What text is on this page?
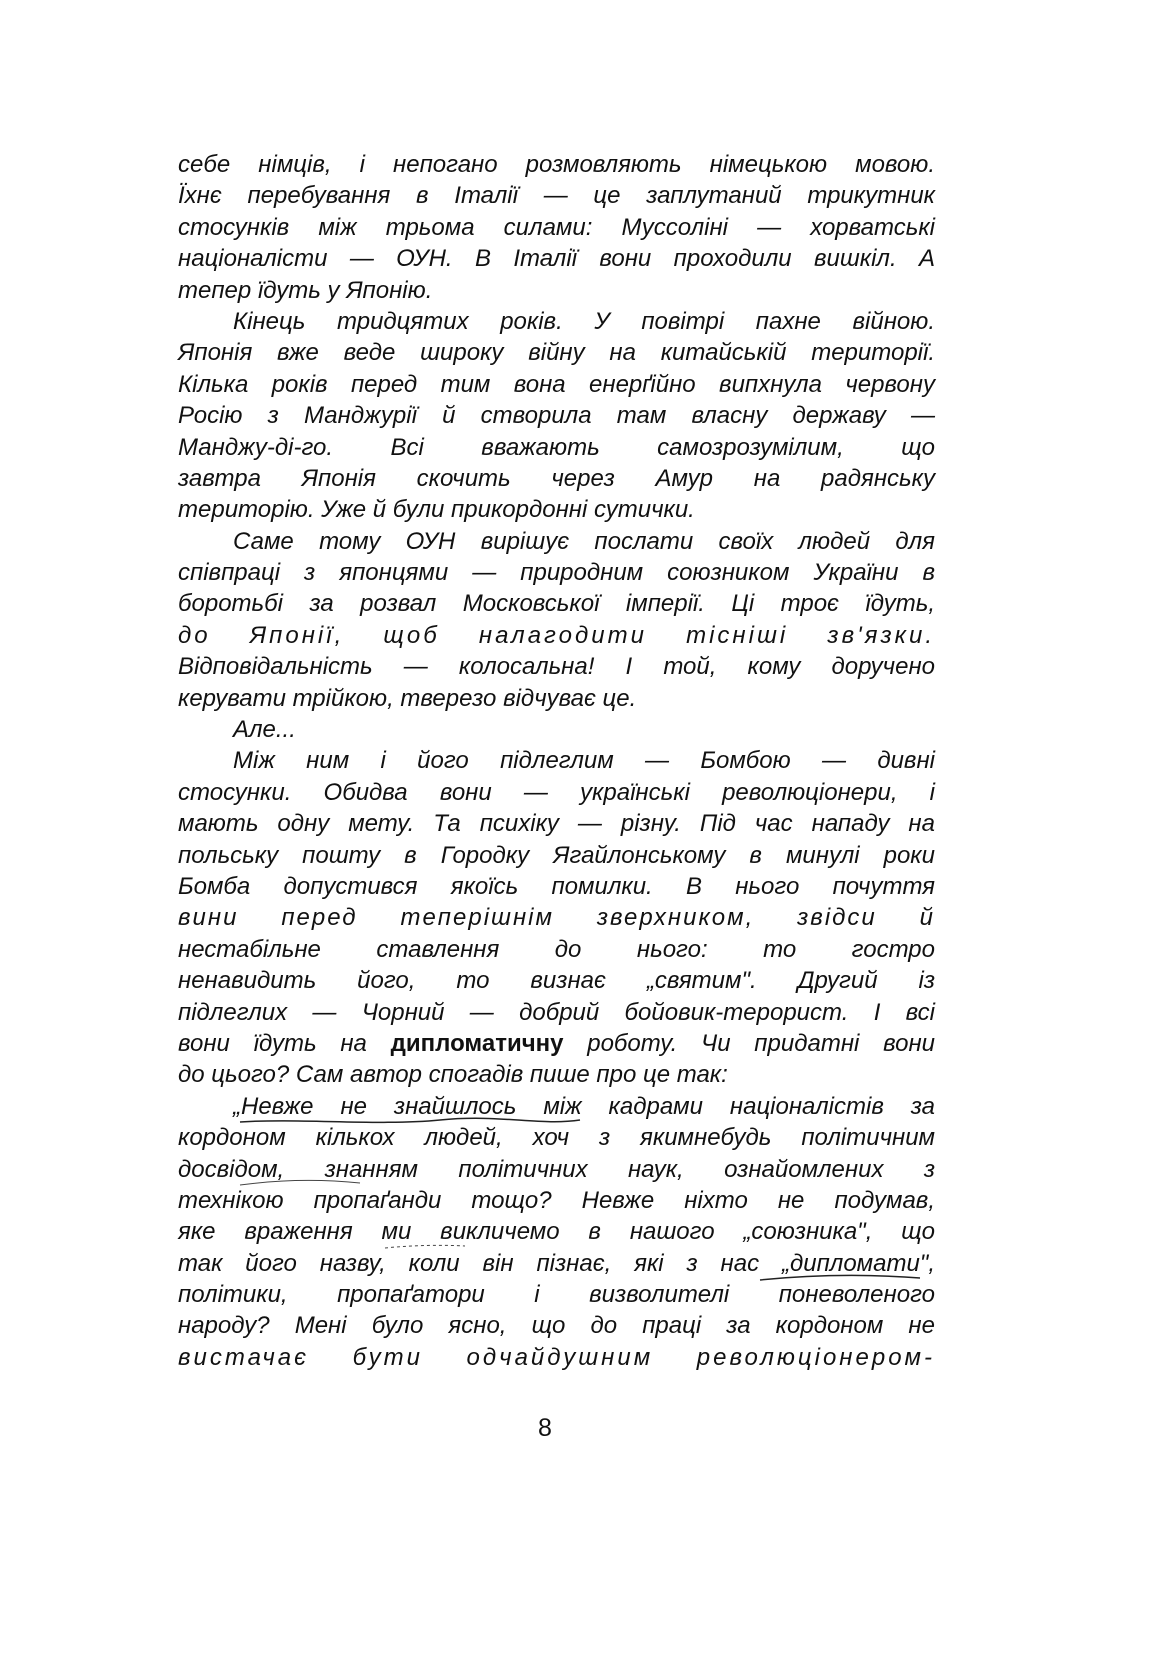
себе німців, і непогано розмовляють німецькою мовою.
Їхнє перебування в Італії — це заплутаний трикутник
стосунків між трьома силами: Муссоліні — хорватські
націоналісти — ОУН. В Італії вони проходили вишкіл. А
тепер їдуть у Японію.
Кінець тридцятих років. У повітрі пахне війною.
Японія вже веде широку війну на китайській території.
Кілька років перед тим вона енерґійно випхнула червону
Росію з Манджурії й створила там власну державу —
Манджу-ді-го. Всі вважають самозрозумілим, що
завтра Японія скочить через Амур на радянську
територію. Уже й були прикордонні сутички.
Саме тому ОУН вирішує послати своїх людей для
співпраці з японцями — природним союзником України в
боротьбі за розвал Московської імперії. Ці троє їдуть,
до Японії, щоб налагодити тісніші зв'язки.
Відповідальність — колосальна! І той, кому доручено
керувати трійкою, тверезо відчуває це.
Але...
Між ним і його підлеглим — Бомбою — дивні
стосунки. Обидва вони — українські революціонери, і
мають одну мету. Та психіку — різну. Під час нападу на
польську пошту в Городку Ягайлонському в минулі роки
Бомба допустився якоїсь помилки. В нього почуття
вини перед теперішнім зверхником, звідси й
нестабільне ставлення до нього: то гостро
ненавидить його, то визнає „святим". Другий із
підлеглих — Чорний — добрий бойовик-терорист. І всі
вони їдуть на дипломатичну роботу. Чи придатні вони
до цього? Сам автор спогадів пише про це так:
„Невже не знайшлось між кадрами націоналістів за
кордоном кількох людей, хоч з якимнебудь політичним
досвідом, знанням політичних наук, ознайомлених з
технікою пропаґанди тощо? Невже ніхто не подумав,
яке враження ми викличемо в нашого „союзника", що
так його назву, коли він пізнає, які з нас „дипломати",
політики, пропаґатори і визволителі поневоленого
народу? Мені було ясно, що до праці за кордоном не
вистачає бути одчайдушним революціонером-
8
